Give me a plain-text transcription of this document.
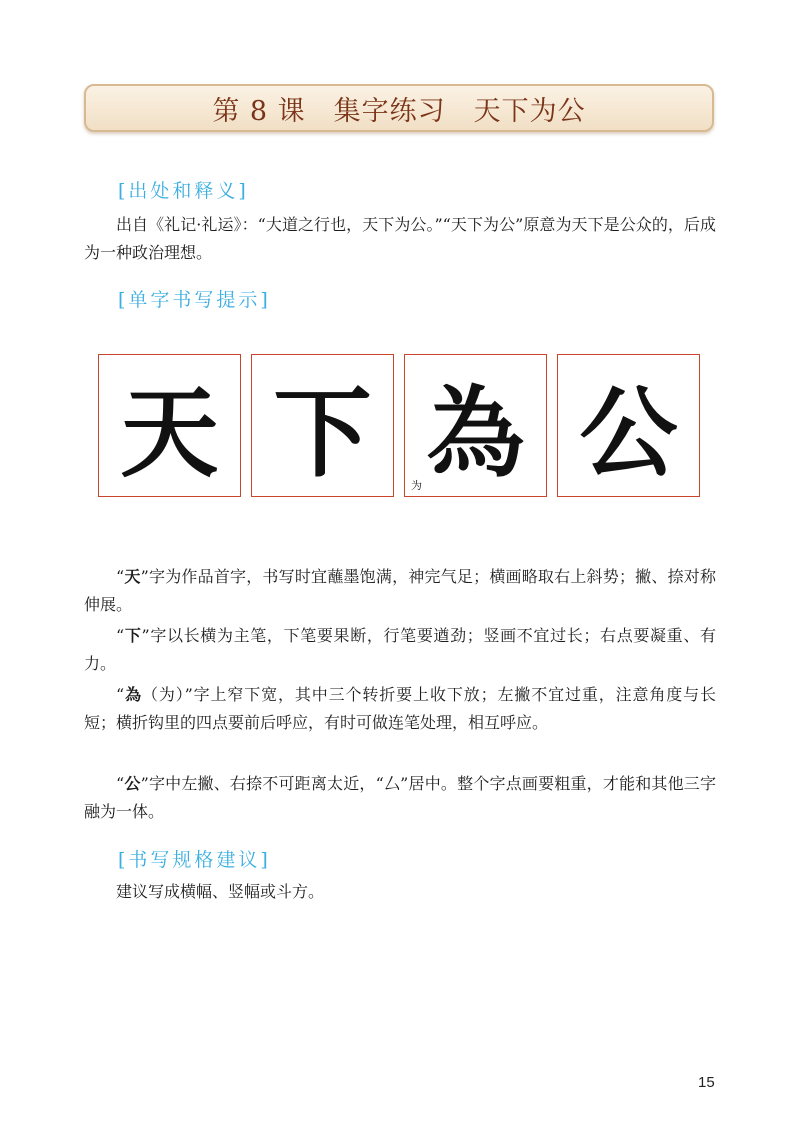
第 8 课　集字练习　天下为公
[出处和释义]

出自《礼记·礼运》：“大道之行也，天下为公。”“天下为公”原意为天下是公众的，后成为一种政治理想。

[单字书写提示]
天 下 為
为 公

“天”字为作品首字，书写时宜蘸墨饱满，神完气足；横画略取右上斜势；撇、捺对称伸展。

“下”字以长横为主笔，下笔要果断，行笔要遒劲；竖画不宜过长；右点要凝重、有力。

“為（为）”字上窄下宽，其中三个转折要上收下放；左撇不宜过重，注意角度与长短；横折钩里的四点要前后呼应，有时可做连笔处理，相互呼应。

“公”字中左撇、右捺不可距离太近，“厶”居中。整个字点画要粗重，才能和其他三字融为一体。

[书写规格建议]

建议写成横幅、竖幅或斗方。

15
